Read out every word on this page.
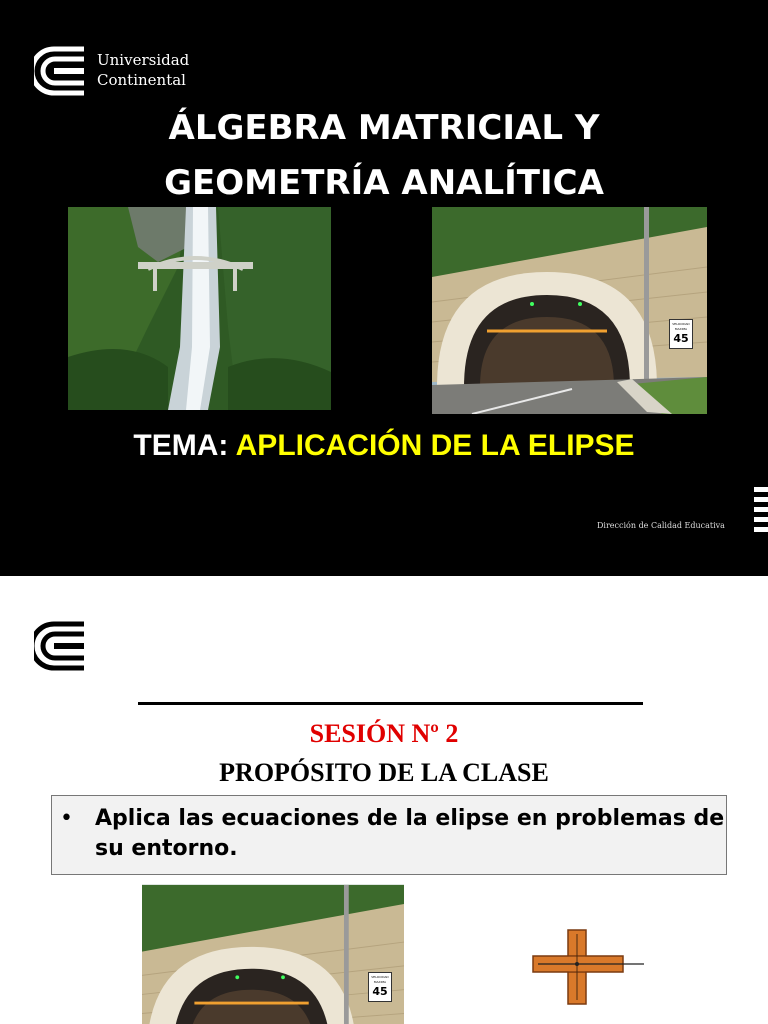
Universidad
Continental
ÁLGEBRA MATRICIAL Y
GEOMETRÍA ANALÍTICA
VELOCIDAD MAXIMA
45
TEMA: APLICACIÓN DE LA ELIPSE
Dirección de Calidad Educativa
SESIÓN Nº 2
PROPÓSITO DE LA CLASE
• Aplica las ecuaciones de la elipse en problemas de su entorno.
VELOCIDAD MAXIMA
45
